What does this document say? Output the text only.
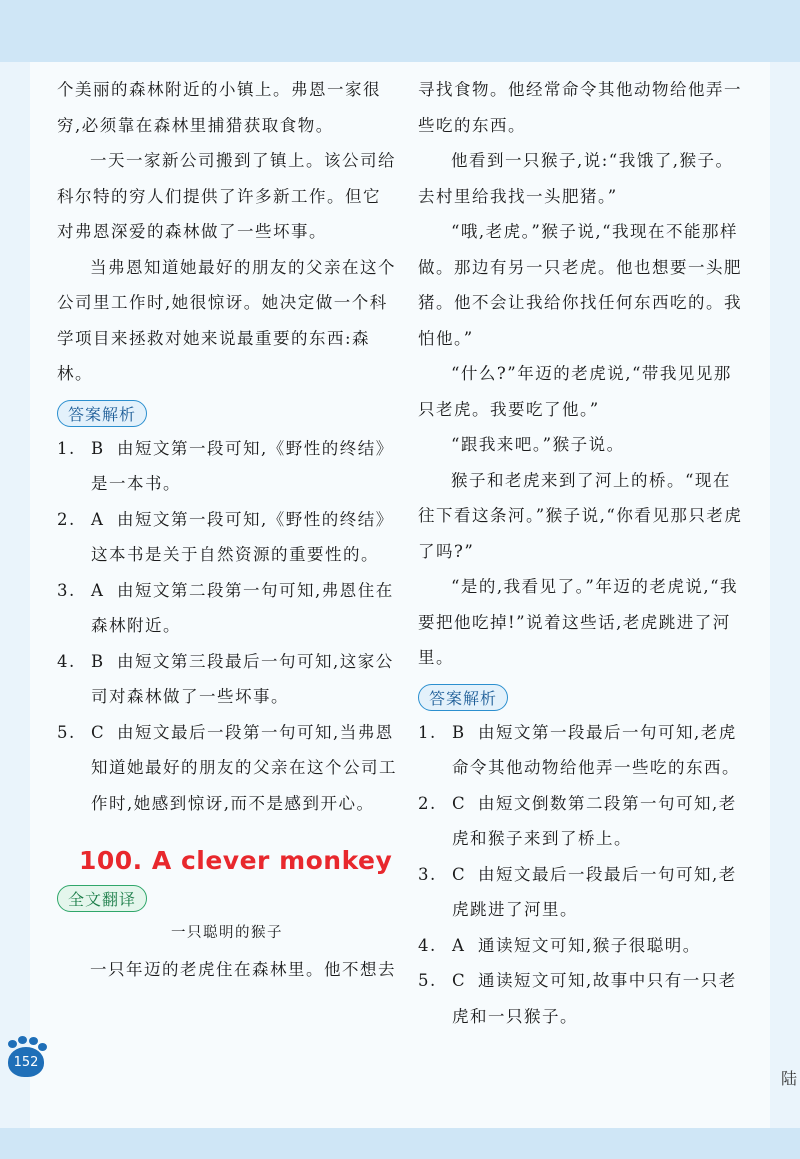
个美丽的森林附近的小镇上。弗恩一家很穷,必须靠在森林里捕猎获取食物。

一天一家新公司搬到了镇上。该公司给科尔特的穷人们提供了许多新工作。但它对弗恩深爱的森林做了一些坏事。

当弗恩知道她最好的朋友的父亲在这个公司里工作时,她很惊讶。她决定做一个科学项目来拯救对她来说最重要的东西:森林。

答案解析

1. B 由短文第一段可知,《野性的终结》是一本书。

2. A 由短文第一段可知,《野性的终结》这本书是关于自然资源的重要性的。

3. A 由短文第二段第一句可知,弗恩住在森林附近。

4. B 由短文第三段最后一句可知,这家公司对森林做了一些坏事。

5. C 由短文最后一段第一句可知,当弗恩知道她最好的朋友的父亲在这个公司工作时,她感到惊讶,而不是感到开心。

100. A clever monkey
全文翻译

一只聪明的猴子

一只年迈的老虎住在森林里。他不想去

寻找食物。他经常命令其他动物给他弄一些吃的东西。

他看到一只猴子,说:“我饿了,猴子。去村里给我找一头肥猪。”

“哦,老虎。”猴子说,“我现在不能那样做。那边有另一只老虎。他也想要一头肥猪。他不会让我给你找任何东西吃的。我怕他。”

“什么?”年迈的老虎说,“带我见见那只老虎。我要吃了他。”

“跟我来吧。”猴子说。

猴子和老虎来到了河上的桥。“现在往下看这条河。”猴子说,“你看见那只老虎了吗?”

“是的,我看见了。”年迈的老虎说,“我要把他吃掉!”说着这些话,老虎跳进了河里。

答案解析

1. B 由短文第一段最后一句可知,老虎命令其他动物给他弄一些吃的东西。

2. C 由短文倒数第二段第一句可知,老虎和猴子来到了桥上。

3. C 由短文最后一段最后一句可知,老虎跳进了河里。

4. A 通读短文可知,猴子很聪明。

5. C 通读短文可知,故事中只有一只老虎和一只猴子。

152
陆
